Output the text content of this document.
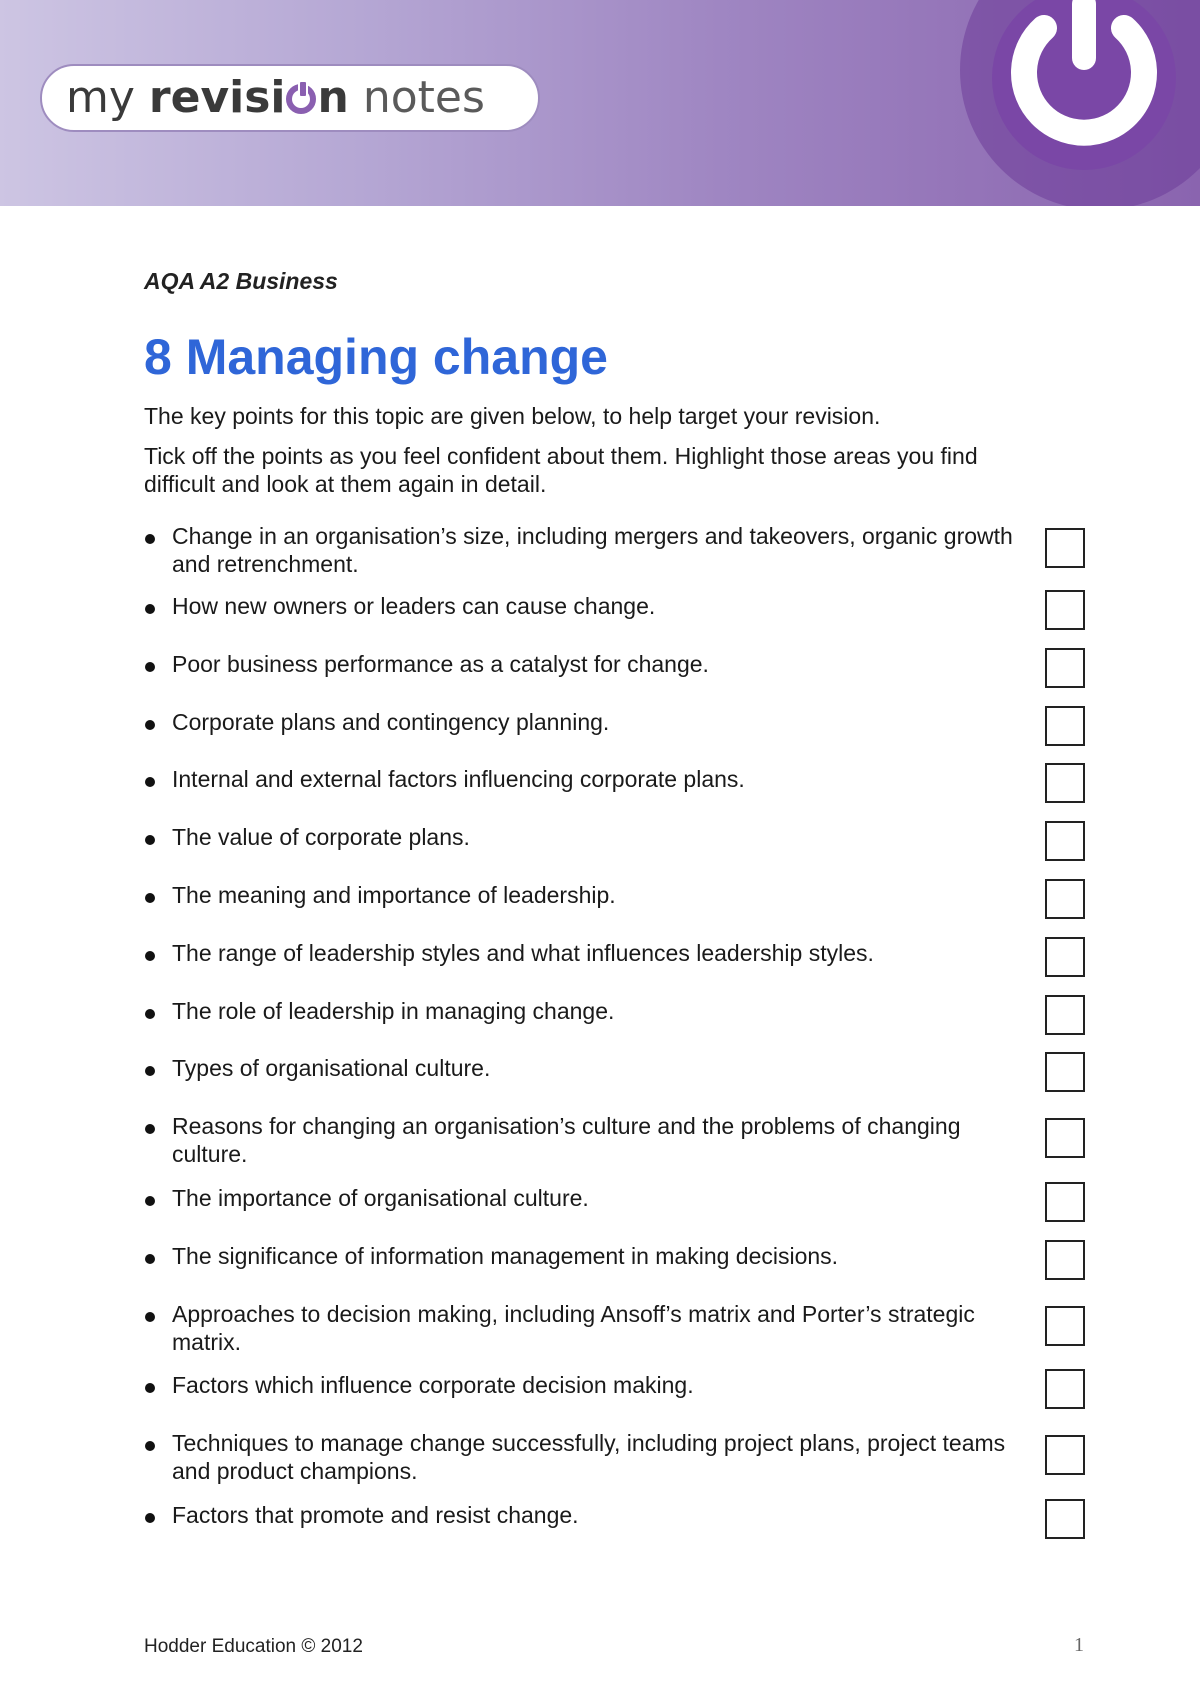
my revisi n notes
AQA A2 Business
8 Managing change

The key points for this topic are given below, to help target your revision.

Tick off the points as you feel confident about them. Highlight those areas you find difficult and look at them again in detail.

Change in an organisation’s size, including mergers and takeovers, organic growth and retrenchment.
How new owners or leaders can cause change.
Poor business performance as a catalyst for change.
Corporate plans and contingency planning.
Internal and external factors influencing corporate plans.
The value of corporate plans.
The meaning and importance of leadership.
The range of leadership styles and what influences leadership styles.
The role of leadership in managing change.
Types of organisational culture.
Reasons for changing an organisation’s culture and the problems of changing culture.
The importance of organisational culture.
The significance of information management in making decisions.
Approaches to decision making, including Ansoff’s matrix and Porter’s strategic matrix.
Factors which influence corporate decision making.
Techniques to manage change successfully, including project plans, project teams and product champions.
Factors that promote and resist change.
Hodder Education © 2012	1
